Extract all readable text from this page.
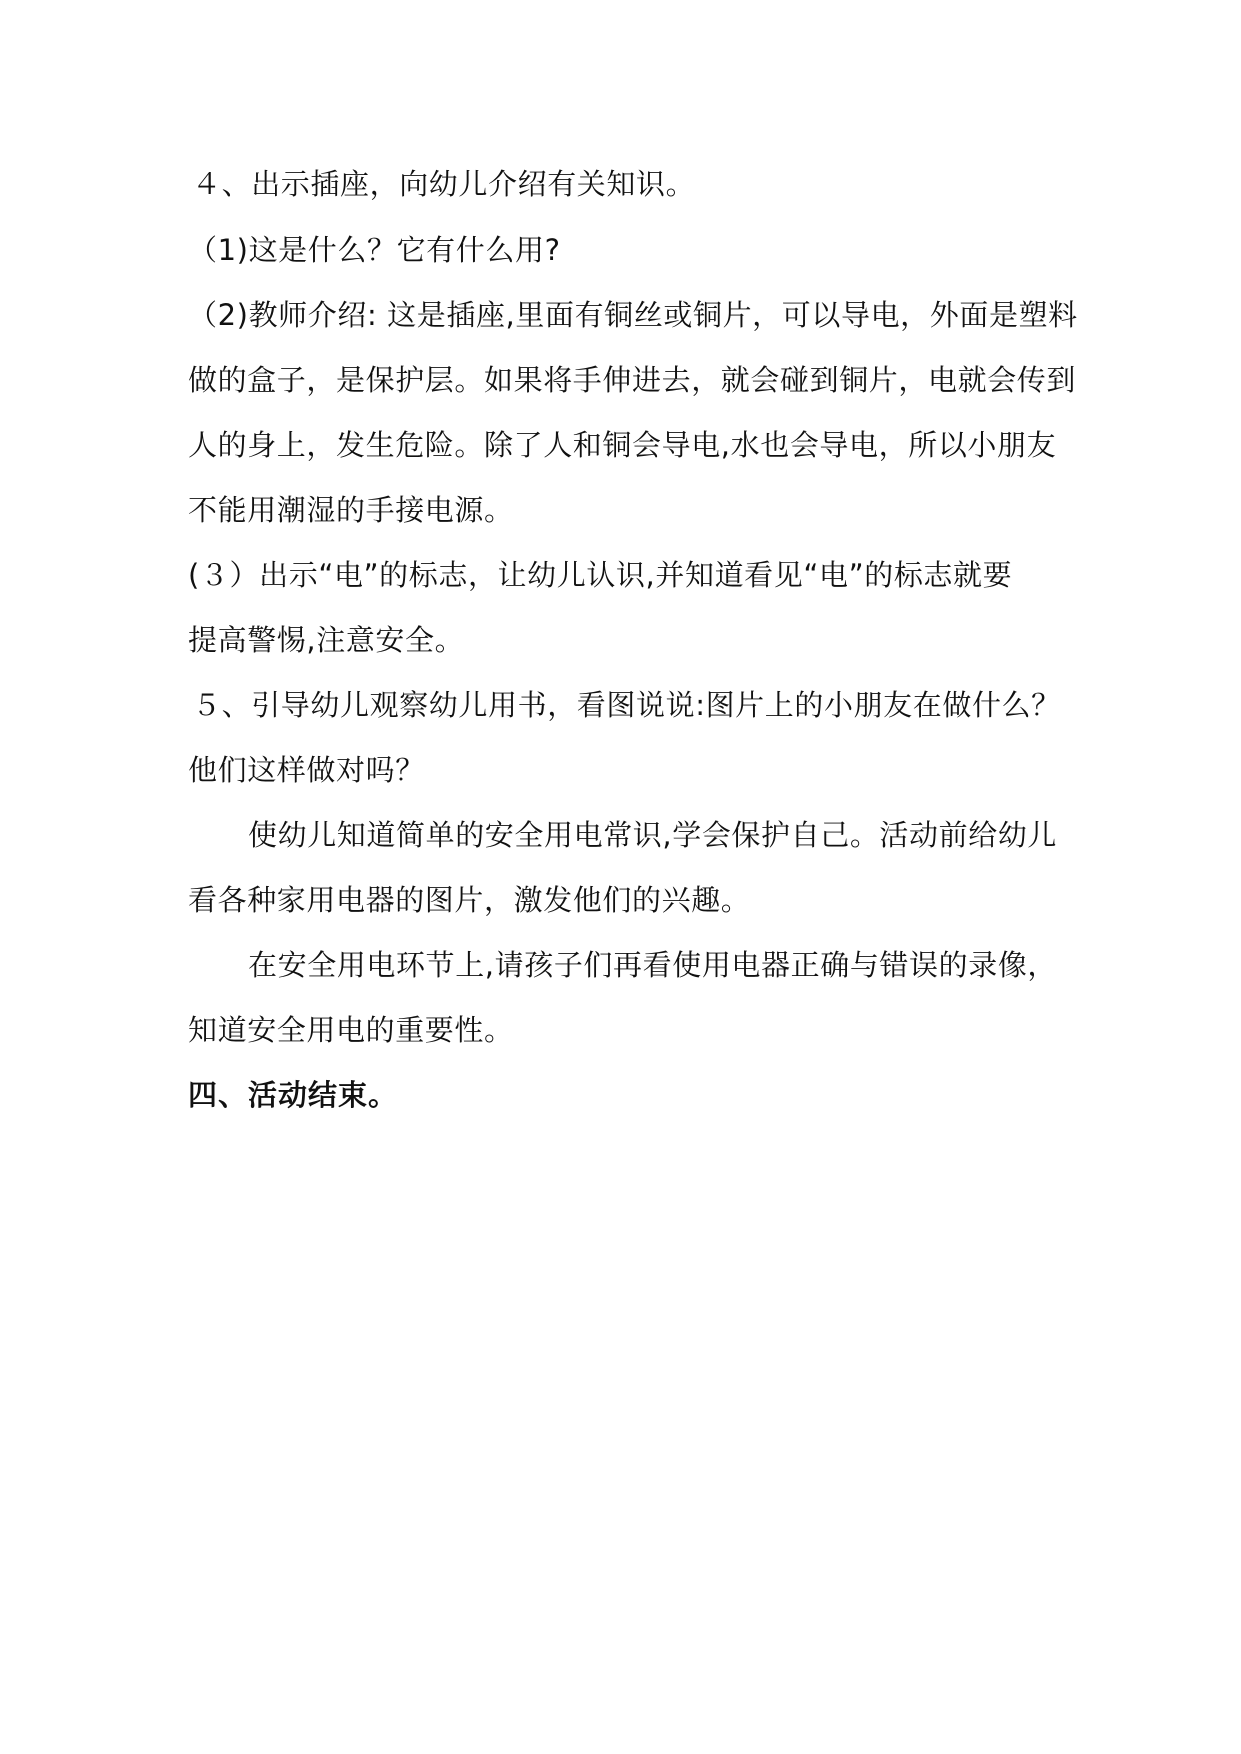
４、出示插座，向幼儿介绍有关知识。
（1)这是什么？它有什么用?
（2)教师介绍: 这是插座,里面有铜丝或铜片，可以导电，外面是塑料
做的盒子，是保护层。如果将手伸进去，就会碰到铜片，电就会传到
人的身上，发生危险。除了人和铜会导电,水也会导电，所以小朋友
不能用潮湿的手接电源。
(３）出示“电”的标志，让幼儿认识,并知道看见“电”的标志就要
提高警惕,注意安全。
５、引导幼儿观察幼儿用书，看图说说:图片上的小朋友在做什么？
他们这样做对吗？
使幼儿知道简单的安全用电常识,学会保护自己。活动前给幼儿
看各种家用电器的图片，激发他们的兴趣。
在安全用电环节上,请孩子们再看使用电器正确与错误的录像，
知道安全用电的重要性。
四、活动结束。
